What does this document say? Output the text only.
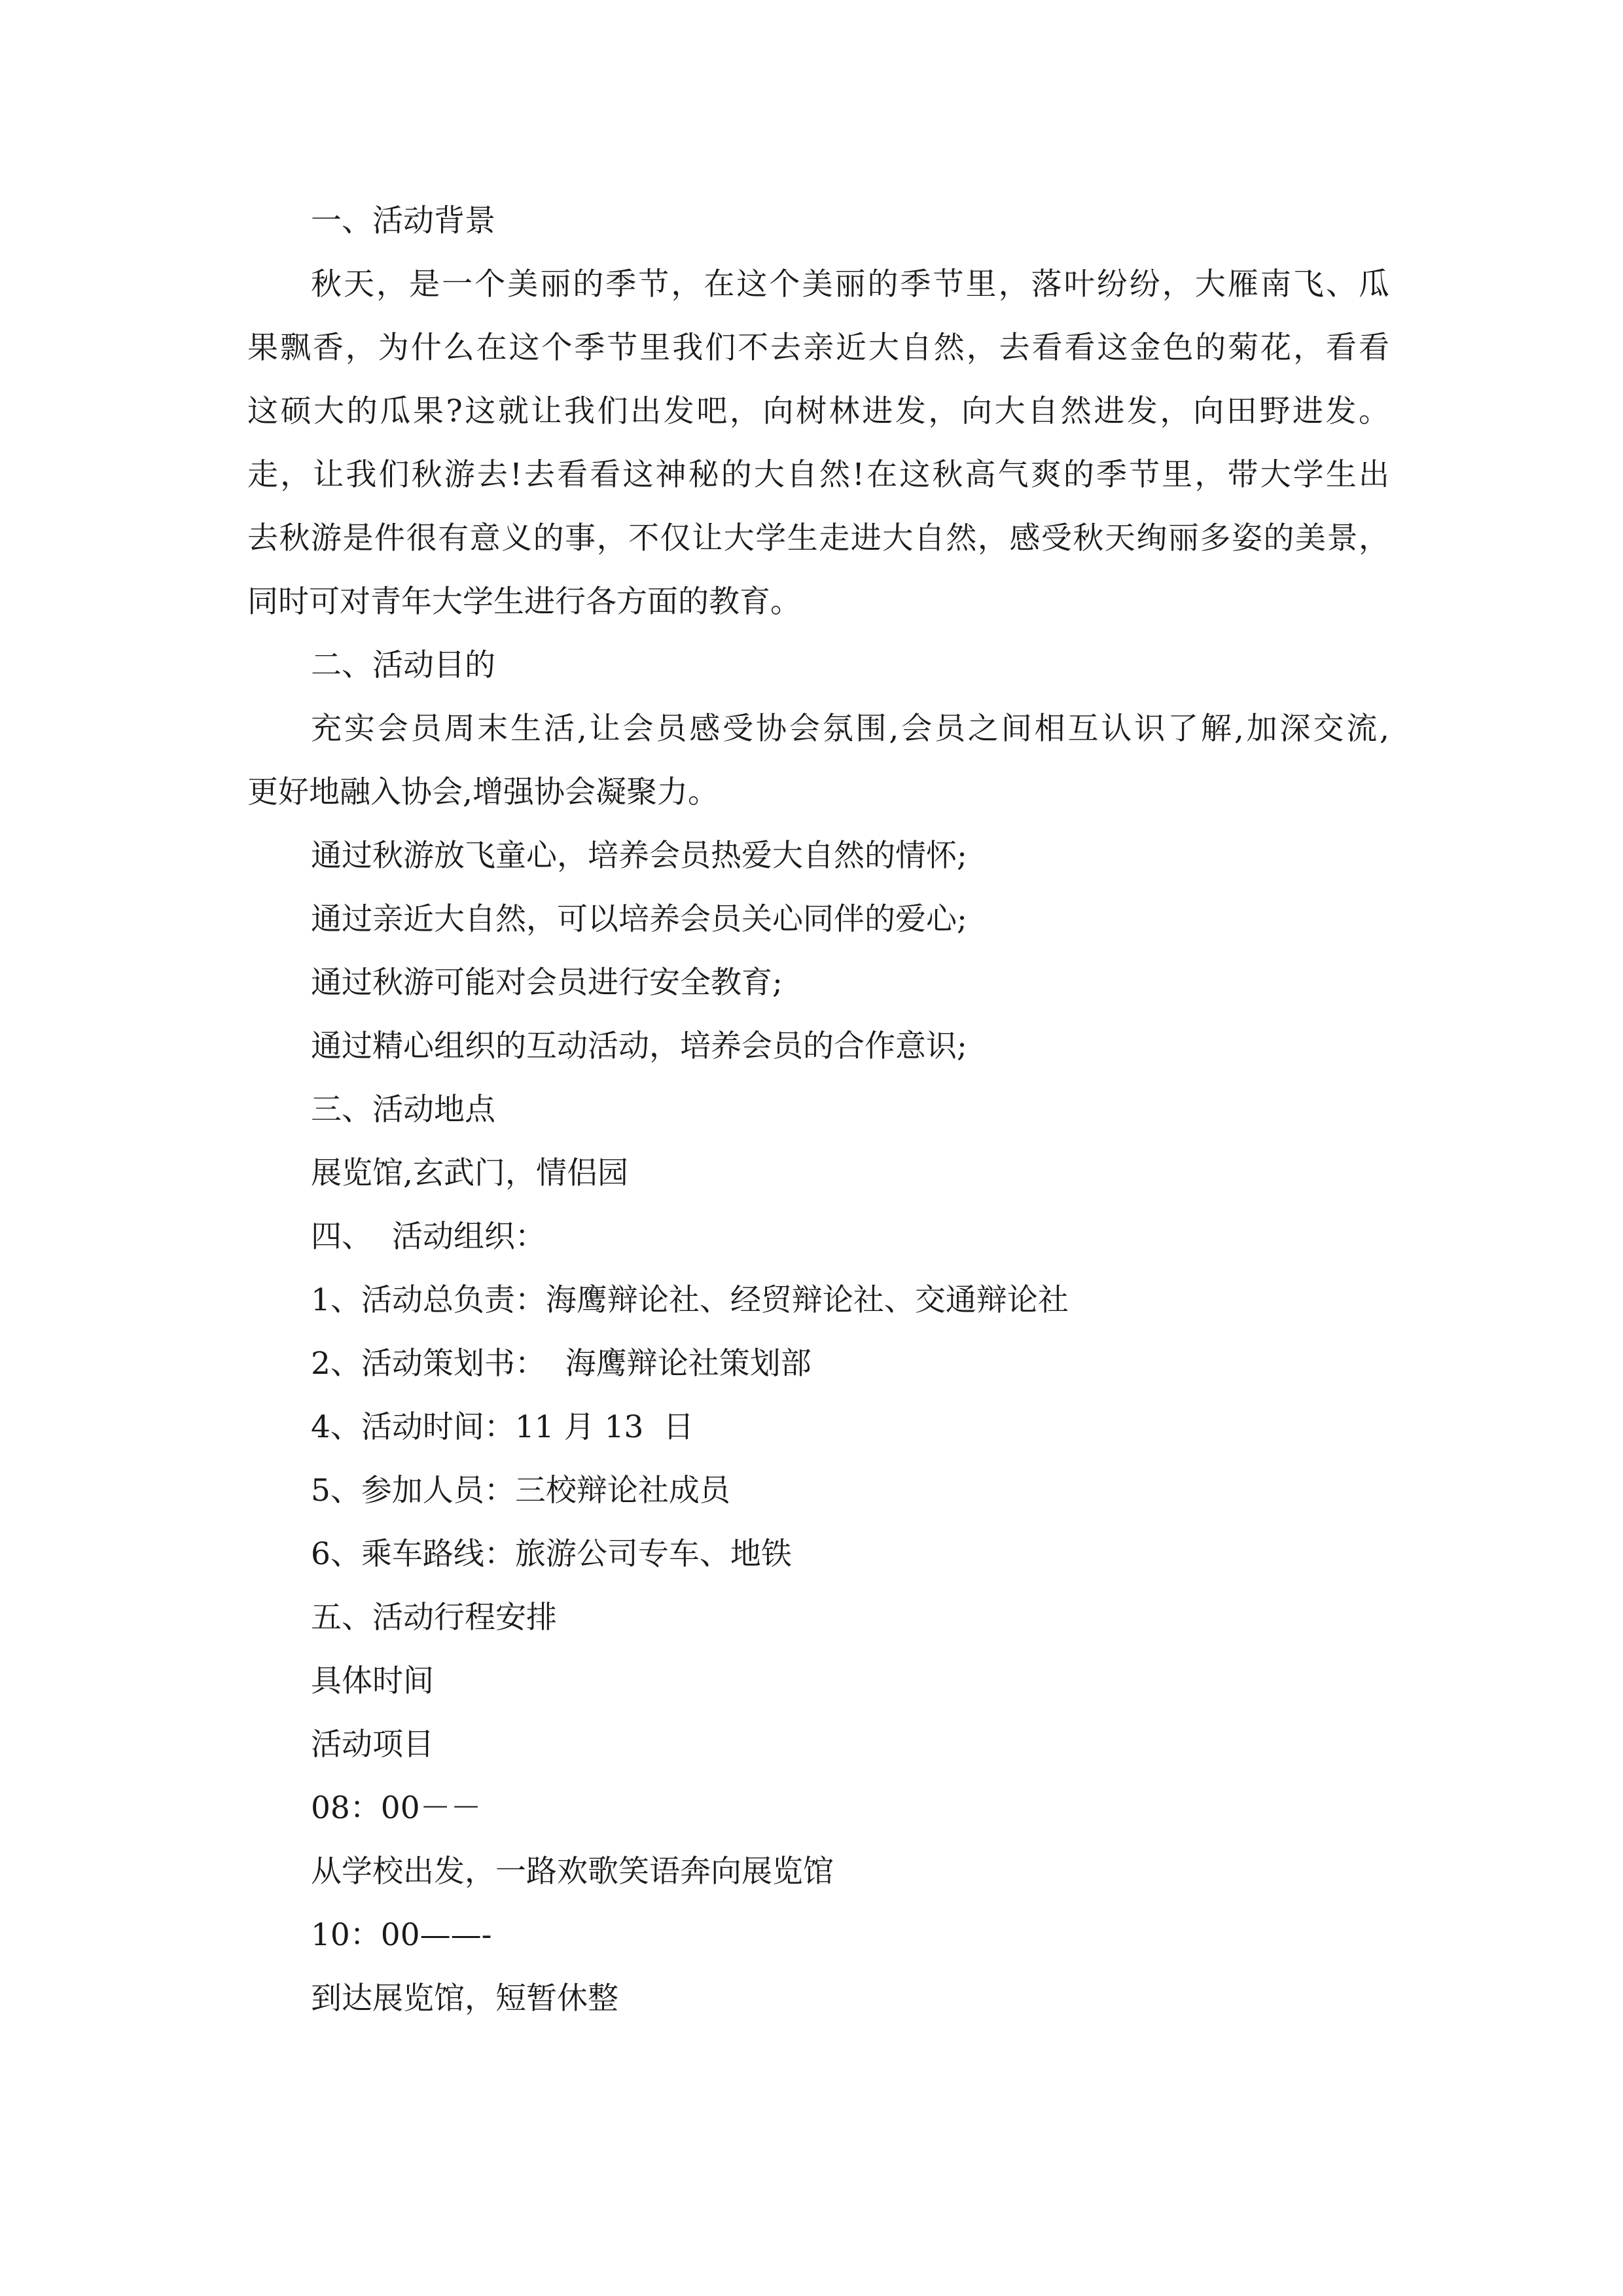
一、活动背景
秋天，是一个美丽的季节，在这个美丽的季节里，落叶纷纷，大雁南飞、瓜
果飘香，为什么在这个季节里我们不去亲近大自然，去看看这金色的菊花，看看
这硕大的瓜果?这就让我们出发吧，向树林进发，向大自然进发，向田野进发。
走，让我们秋游去!去看看这神秘的大自然!在这秋高气爽的季节里，带大学生出
去秋游是件很有意义的事，不仅让大学生走进大自然，感受秋天绚丽多姿的美景，
同时可对青年大学生进行各方面的教育。
二、活动目的
充实会员周末生活,让会员感受协会氛围,会员之间相互认识了解,加深交流,
更好地融入协会,增强协会凝聚力。
通过秋游放飞童心，培养会员热爱大自然的情怀;
通过亲近大自然，可以培养会员关心同伴的爱心;
通过秋游可能对会员进行安全教育;
通过精心组织的互动活动，培养会员的合作意识;
三、活动地点
展览馆,玄武门，情侣园
四、  活动组织：
1、活动总负责：海鹰辩论社、经贸辩论社、交通辩论社
2、活动策划书：  海鹰辩论社策划部
4、活动时间：11 月 13  日
5、参加人员：三校辩论社成员
6、乘车路线：旅游公司专车、地铁
五、活动行程安排
具体时间
活动项目
08：00－－
从学校出发，一路欢歌笑语奔向展览馆
10：00——-
到达展览馆，短暂休整
